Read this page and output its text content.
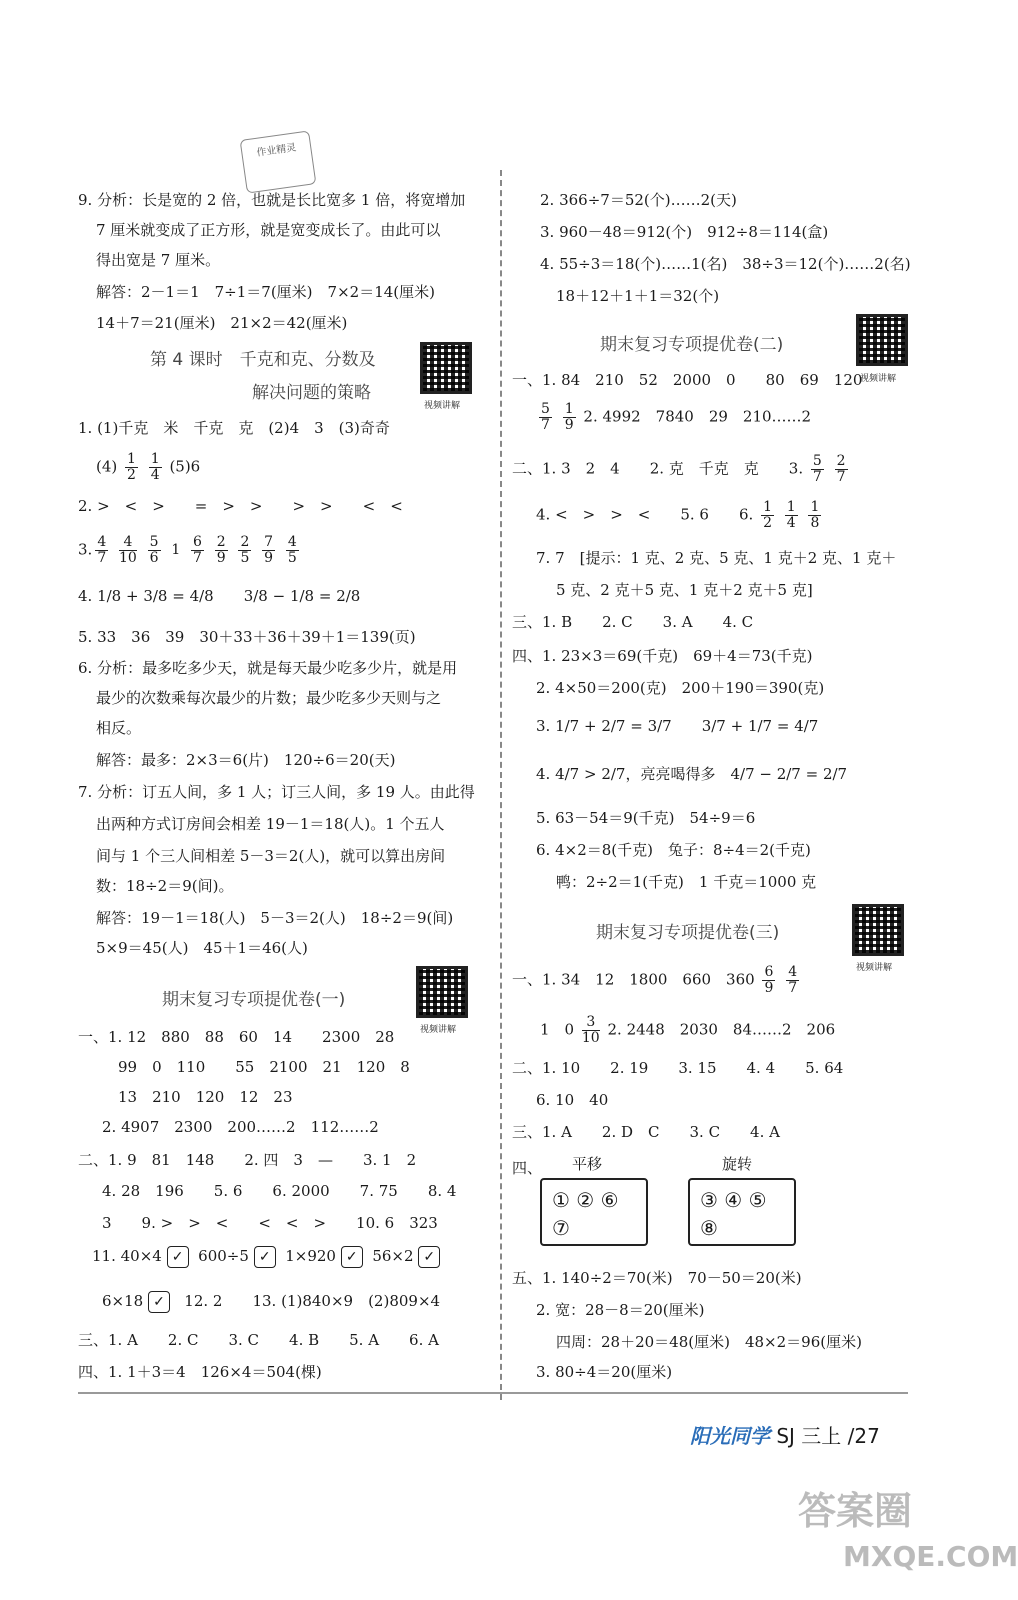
作业精灵
9. 分析：长是宽的 2 倍，也就是长比宽多 1 倍，将宽增加
7 厘米就变成了正方形，就是宽变成长了。由此可以
得出宽是 7 厘米。
解答：2－1＝1　7÷1＝7(厘米)　7×2＝14(厘米)
14＋7＝21(厘米)　21×2＝42(厘米)
第 4 课时　千克和克、分数及
解决问题的策略
视频讲解
1. (1)千克　米　千克　克　(2)4　3　(3)奇奇
$(4) \frac{1}{2}$
$\frac{1}{4} (5)6$
2. >　<　>　　=　>　>　　>　>　　<　<
3. $\frac{4}{7}$
$\frac{4}{10}$
$\frac{5}{6}$
1
$\frac{6}{7}$
$\frac{2}{9}$
$\frac{2}{5}$
$\frac{7}{9}$
$\frac{4}{5}$
4. 1/8 + 3/8 = 4/8　　3/8 − 1/8 = 2/8
5. 33　36　39　30＋33＋36＋39＋1＝139(页)
6. 分析：最多吃多少天，就是每天最少吃多少片，就是用
最少的次数乘每次最少的片数；最少吃多少天则与之
相反。
解答：最多：2×3＝6(片)　120÷6＝20(天)
7. 分析：订五人间，多 1 人；订三人间，多 19 人。由此得
出两种方式订房间会相差 19－1＝18(人)。1 个五人
间与 1 个三人间相差 5－3＝2(人)，就可以算出房间
数：18÷2＝9(间)。
解答：19－1＝18(人)　5－3＝2(人)　18÷2＝9(间)
5×9＝45(人)　45＋1＝46(人)
期末复习专项提优卷(一)
视频讲解
一、1. 12　880　88　60　14　　2300　28
99　0　110　　55　2100　21　120　8
13　210　120　12　23
2. 4907　2300　200……2　112……2
二、1. 9　81　148　　2. 四　3　—　　3. 1　2
4. 28　196　　5. 6　　6. 2000　　7. 75　　8. 4
3　　9. >　>　<　　<　<　>　　10. 6　323
11. 40×4 ✓ 600÷5 ✓ 1×920 ✓ 56×2 ✓
6×18 ✓ 12. 2　　13. (1)840×9　(2)809×4
三、1. A　　2. C　　3. C　　4. B　　5. A　　6. A
四、1. 1＋3＝4　126×4＝504(棵)
2. 366÷7＝52(个)……2(天)
3. 960－48＝912(个)　912÷8＝114(盒)
4. 55÷3＝18(个)……1(名)　38÷3＝12(个)……2(名)
18＋12＋1＋1＝32(个)
期末复习专项提优卷(二)
视频讲解
一、1. 84　210　52　2000　0　　80　69　120
$\frac{5}{7}$
$\frac{1}{9} 2$. 4992　7840　29　210……2
二、1. 3　2　4　　2. 克　千克　克　　3. $\frac{5}{7}$
$\frac{2}{7}$
4. <　>　>　<　　5. 6　　6. $\frac{1}{2}$
$\frac{1}{4}$
$\frac{1}{8}$
7. 7　[提示：1 克、2 克、5 克、1 克＋2 克、1 克＋
5 克、2 克＋5 克、1 克＋2 克＋5 克]
三、1. B　　2. C　　3. A　　4. C
四、1. 23×3＝69(千克)　69＋4＝73(千克)
2. 4×50＝200(克)　200＋190＝390(克)
3. 1/7 + 2/7 = 3/7　　3/7 + 1/7 = 4/7
4. 4/7 > 2/7，亮亮喝得多　4/7 − 2/7 = 2/7
5. 63－54＝9(千克)　54÷9＝6
6. 4×2＝8(千克)　兔子：8÷4＝2(千克)
鸭：2÷2＝1(千克)　1 千克＝1000 克
期末复习专项提优卷(三)
视频讲解
一、1. 34　12　1800　660　$360 \frac{6}{9}$
$\frac{4}{7}$
1　$0 \frac{3}{10} 2$. 2448　2030　84……2　206
二、1. 10　　2. 19　　3. 15　　4. 4　　5. 64
6. 10　40
三、1. A　　2. D　C　　3. C　　4. A
四、 平移	旋转
① ② ⑥ ⑦
③ ④ ⑤ ⑧
五、1. 140÷2＝70(米)　70－50＝20(米)
2. 宽：28－8＝20(厘米)
四周：28＋20＝48(厘米)　48×2＝96(厘米)
3. 80÷4＝20(厘米)
阳光同学 SJ 三上 /27
答案圈
MXQE.COM
